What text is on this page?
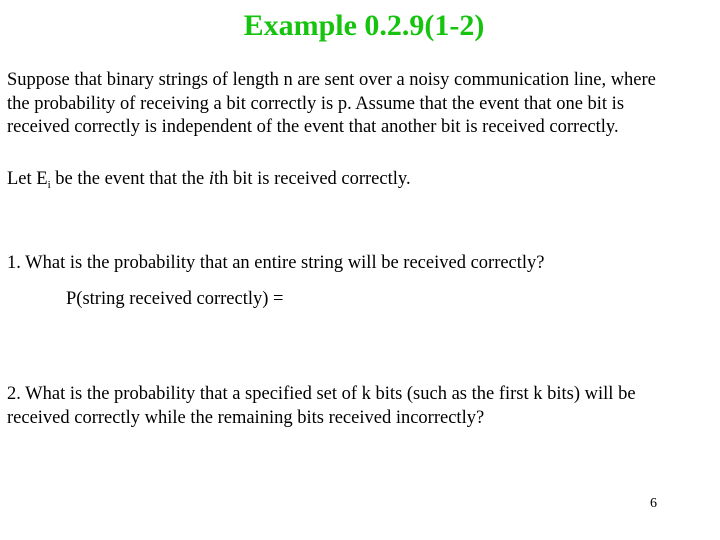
Example 0.2.9(1-2)
Suppose that binary strings of length n are sent over a noisy communication line, where
the probability of receiving a bit correctly is p. Assume that the event that one bit is
received correctly is independent of the event that another bit is received correctly.
Let $E_i$ be the event that the ith bit is received correctly.
1. What is the probability that an entire string will be received correctly?
P(string received correctly) =
2. What is the probability that a specified set of k bits (such as the first k bits) will be
received correctly while the remaining bits received incorrectly?
6
